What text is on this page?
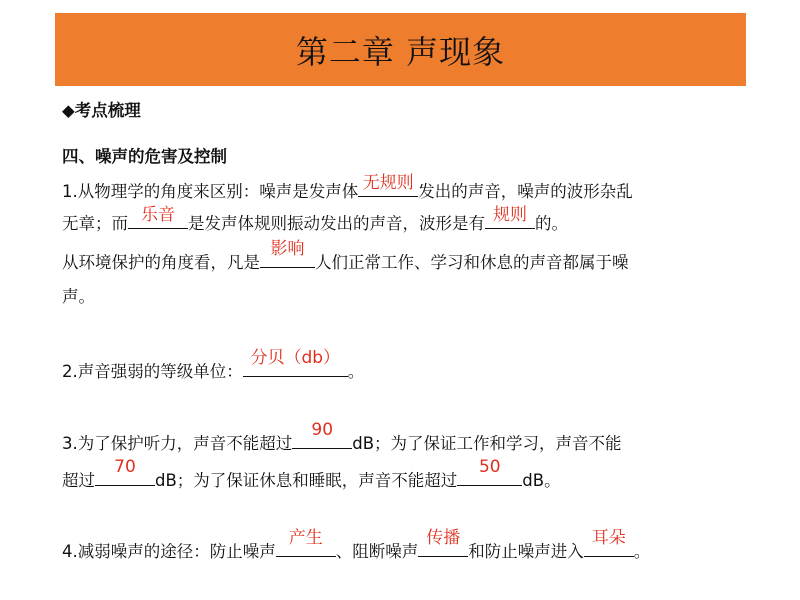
第二章 声现象
◆考点梳理
四、噪声的危害及控制
1.从物理学的角度来区别：噪声是发声体 无规则 发出的声音，噪声的波形杂乱
无章；而 乐音 是发声体规则振动发出的声音，波形是有 规则 的。
从环境保护的角度看，凡是
影响
人们正常工作、学习和休息的声音都属于噪
声。
2.声音强弱的等级单位：
分贝（db）
。
3.为了保护听力，声音不能超过
90
dB；为了保证工作和学习，声音不能
超过
70
dB；为了保证休息和睡眠，声音不能超过
50
dB。
4.减弱噪声的途径：防止噪声
产生
、阻断噪声
传播
和防止噪声进入
耳朵
。
